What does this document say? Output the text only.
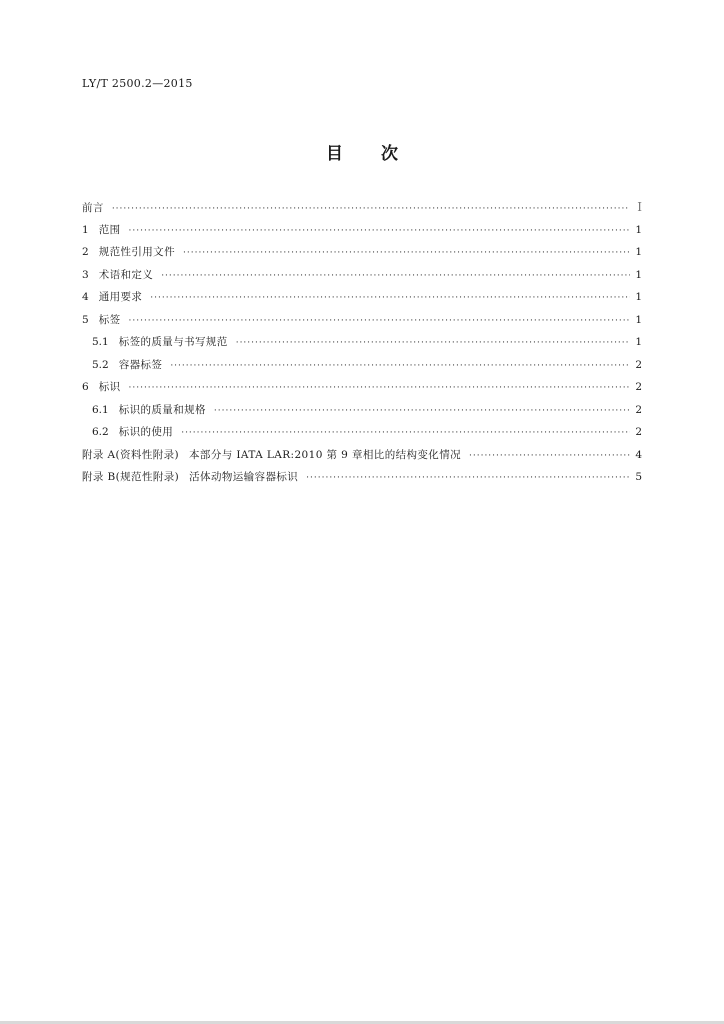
LY/T 2500.2—2015
目 次
前言 ·····	I
1 范围 ·····	1
2 规范性引用文件 ·····	1
3 术语和定义 ·····	1
4 通用要求 ·····	1
5 标签 ·····	1
5.1 标签的质量与书写规范 ·····	1
5.2 容器标签 ·····	2
6 标识 ·····	2
6.1 标识的质量和规格 ·····	2
6.2 标识的使用 ·····	2
附录 A(资料性附录) 本部分与 IATA LAR:2010 第 9 章相比的结构变化情况 ·····	4
附录 B(规范性附录) 活体动物运输容器标识 ·····	5
